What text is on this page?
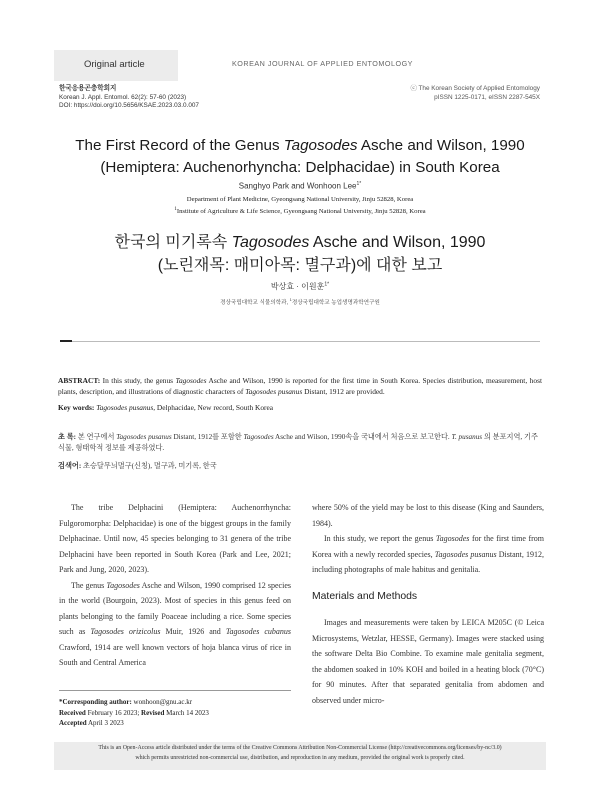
Original article	KOREAN JOURNAL OF APPLIED ENTOMOLOGY
한국응용곤충학회지
Korean J. Appl. Entomol. 62(2): 57-60 (2023)
DOI: https://doi.org/10.5656/KSAE.2023.03.0.007
ⓒ The Korean Society of Applied Entomology
pISSN 1225-0171, eISSN 2287-545X
The First Record of the Genus Tagosodes Asche and Wilson, 1990
(Hemiptera: Auchenorhyncha: Delphacidae) in South Korea
Sanghyo Park and Wonhoon Lee$^{1*}$
Department of Plant Medicine, Gyeongsang National University, Jinju 52828, Korea
$^1$Institute of Agriculture & Life Science, Gyeongsang National University, Jinju 52828, Korea
한국의 미기록속 Tagosodes Asche and Wilson, 1990
(노린재목: 매미아목: 멸구과)에 대한 보고
박상효 · 이원훈$^{1*}$
경상국립대학교 식물의학과, $^1$경상국립대학교 농업생명과학연구원
ABSTRACT: In this study, the genus Tagosodes Asche and Wilson, 1990 is reported for the first time in South Korea. Species distribution, measurement, host plants, description, and illustrations of diagnostic characters of Tagosodes pusanus Distant, 1912 are provided.
Key words: Tagosodes pusanus, Delphacidae, New record, South Korea
초 록: 본 연구에서 Tagosodes pusanus Distant, 1912를 포함한 Tagosodes Asche and Wilson, 1990속을 국내에서 처음으로 보고한다. T. pusanus 의 분포지역, 기주식물, 형태학적 정보를 제공하였다.
검색어: 초승달무늬멸구(신칭), 멸구과, 미기록, 한국

The tribe Delphacini (Hemiptera: Auchenorrhyncha: Fulgoromorpha: Delphacidae) is one of the biggest groups in the family Delphacinae. Until now, 45 species belonging to 31 genera of the tribe Delphacini have been reported in South Korea (Park and Lee, 2021; Park and Jung, 2020, 2023).

The genus Tagosodes Asche and Wilson, 1990 comprised 12 species in the world (Bourgoin, 2023). Most of species in this genus feed on plants belonging to the family Poaceae including a rice. Some species such as Tagosodes orizicolus Muir, 1926 and Tagosodes cubanus Crawford, 1914 are well known vectors of hoja blanca virus of rice in South and Central America

where 50% of the yield may be lost to this disease (King and Saunders, 1984).

In this study, we report the genus Tagosodes for the first time from Korea with a newly recorded species, Tagosodes pusanus Distant, 1912, including photographs of male habitus and genitalia.

Materials and Methods

Images and measurements were taken by LEICA M205C (© Leica Microsystems, Wetzlar, HESSE, Germany). Images were stacked using the software Delta Bio Combine. To examine male genitalia segment, the abdomen soaked in 10% KOH and boiled in a heating block (70°C) for 90 minutes. After that separated genitalia from abdomen and observed under micro-

*Corresponding author: wonhoon@gnu.ac.kr
Received February 16 2023; Revised March 14 2023
Accepted April 3 2023
This is an Open-Access article distributed under the terms of the Creative Commons Attribution Non-Commercial License (http://creativecommons.org/licenses/by-nc/3.0)
which permits unrestricted non-commercial use, distribution, and reproduction in any medium, provided the original work is properly cited.
